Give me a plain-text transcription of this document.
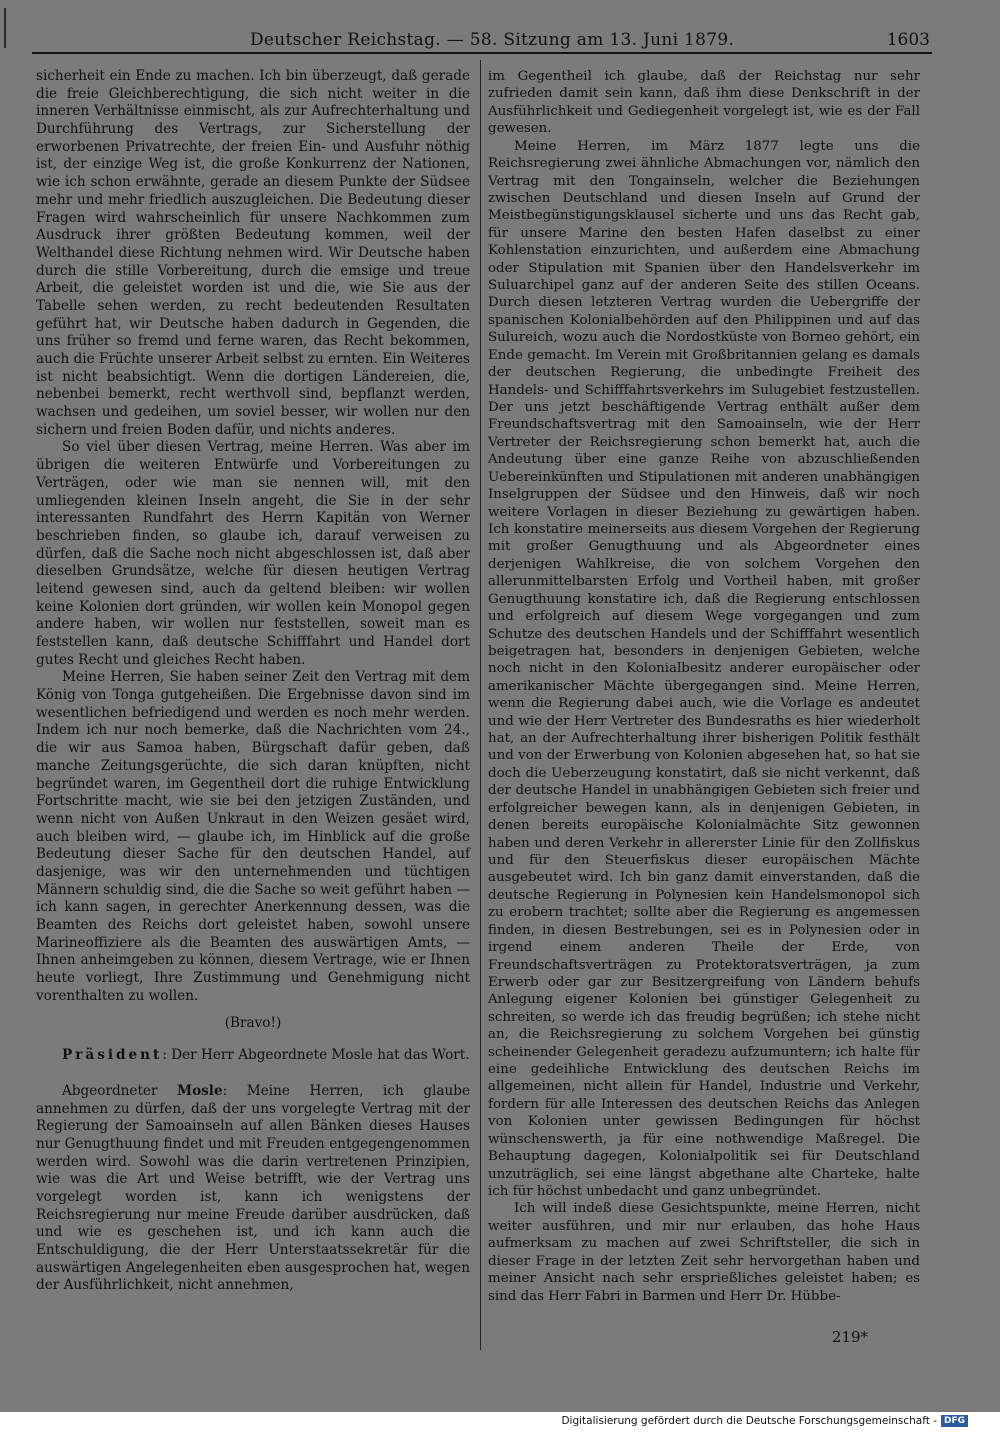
Deutscher Reichstag. — 58. Sitzung am 13. Juni 1879.	1603

sicherheit ein Ende zu machen. Ich bin überzeugt, daß gerade die freie Gleichberechtigung, die sich nicht weiter in die inneren Verhältnisse einmischt, als zur Aufrechterhaltung und Durchführung des Vertrags, zur Sicherstellung der erworbenen Privatrechte, der freien Ein- und Ausfuhr nöthig ist, der einzige Weg ist, die große Konkurrenz der Nationen, wie ich schon erwähnte, gerade an diesem Punkte der Südsee mehr und mehr friedlich auszugleichen. Die Bedeutung dieser Fragen wird wahrscheinlich für unsere Nachkommen zum Ausdruck ihrer größten Bedeutung kommen, weil der Welthandel diese Richtung nehmen wird. Wir Deutsche haben durch die stille Vorbereitung, durch die emsige und treue Arbeit, die geleistet worden ist und die, wie Sie aus der Tabelle sehen werden, zu recht bedeutenden Resultaten geführt hat, wir Deutsche haben dadurch in Gegenden, die uns früher so fremd und ferne waren, das Recht bekommen, auch die Früchte unserer Arbeit selbst zu ernten. Ein Weiteres ist nicht beabsichtigt. Wenn die dortigen Ländereien, die, nebenbei bemerkt, recht werthvoll sind, bepflanzt werden, wachsen und gedeihen, um soviel besser, wir wollen nur den sichern und freien Boden dafür, und nichts anderes.

So viel über diesen Vertrag, meine Herren. Was aber im übrigen die weiteren Entwürfe und Vorbereitungen zu Verträgen, oder wie man sie nennen will, mit den umliegenden kleinen Inseln angeht, die Sie in der sehr interessanten Rundfahrt des Herrn Kapitän von Werner beschrieben finden, so glaube ich, darauf verweisen zu dürfen, daß die Sache noch nicht abgeschlossen ist, daß aber dieselben Grundsätze, welche für diesen heutigen Vertrag leitend gewesen sind, auch da geltend bleiben: wir wollen keine Kolonien dort gründen, wir wollen kein Monopol gegen andere haben, wir wollen nur feststellen, soweit man es feststellen kann, daß deutsche Schifffahrt und Handel dort gutes Recht und gleiches Recht haben.

Meine Herren, Sie haben seiner Zeit den Vertrag mit dem König von Tonga gutgeheißen. Die Ergebnisse davon sind im wesentlichen befriedigend und werden es noch mehr werden. Indem ich nur noch bemerke, daß die Nachrichten vom 24., die wir aus Samoa haben, Bürgschaft dafür geben, daß manche Zeitungsgerüchte, die sich daran knüpften, nicht begründet waren, im Gegentheil dort die ruhige Entwicklung Fortschritte macht, wie sie bei den jetzigen Zuständen, und wenn nicht von Außen Unkraut in den Weizen gesäet wird, auch bleiben wird, — glaube ich, im Hinblick auf die große Bedeutung dieser Sache für den deutschen Handel, auf dasjenige, was wir den unternehmenden und tüchtigen Männern schuldig sind, die die Sache so weit geführt haben — ich kann sagen, in gerechter Anerkennung dessen, was die Beamten des Reichs dort geleistet haben, sowohl unsere Marineoffiziere als die Beamten des auswärtigen Amts, — Ihnen anheimgeben zu können, diesem Vertrage, wie er Ihnen heute vorliegt, Ihre Zustimmung und Genehmigung nicht vorenthalten zu wollen.

(Bravo!)

Präsident: Der Herr Abgeordnete Mosle hat das Wort.

Abgeordneter Mosle: Meine Herren, ich glaube annehmen zu dürfen, daß der uns vorgelegte Vertrag mit der Regierung der Samoainseln auf allen Bänken dieses Hauses nur Genugthuung findet und mit Freuden entgegengenommen werden wird. Sowohl was die darin vertretenen Prinzipien, wie was die Art und Weise betrifft, wie der Vertrag uns vorgelegt worden ist, kann ich wenigstens der Reichsregierung nur meine Freude darüber ausdrücken, daß und wie es geschehen ist, und ich kann auch die Entschuldigung, die der Herr Unterstaatssekretär für die auswärtigen Angelegenheiten eben ausgesprochen hat, wegen der Ausführlichkeit, nicht annehmen,

im Gegentheil ich glaube, daß der Reichstag nur sehr zufrieden damit sein kann, daß ihm diese Denkschrift in der Ausführlichkeit und Gediegenheit vorgelegt ist, wie es der Fall gewesen.

Meine Herren, im März 1877 legte uns die Reichsregierung zwei ähnliche Abmachungen vor, nämlich den Vertrag mit den Tongainseln, welcher die Beziehungen zwischen Deutschland und diesen Inseln auf Grund der Meistbegünstigungsklausel sicherte und uns das Recht gab, für unsere Marine den besten Hafen daselbst zu einer Kohlenstation einzurichten, und außerdem eine Abmachung oder Stipulation mit Spanien über den Handelsverkehr im Suluarchipel ganz auf der anderen Seite des stillen Oceans. Durch diesen letzteren Vertrag wurden die Uebergriffe der spanischen Kolonialbehörden auf den Philippinen und auf das Sulureich, wozu auch die Nordostküste von Borneo gehört, ein Ende gemacht. Im Verein mit Großbritannien gelang es damals der deutschen Regierung, die unbedingte Freiheit des Handels- und Schifffahrtsverkehrs im Sulugebiet festzustellen. Der uns jetzt beschäftigende Vertrag enthält außer dem Freundschaftsvertrag mit den Samoainseln, wie der Herr Vertreter der Reichsregierung schon bemerkt hat, auch die Andeutung über eine ganze Reihe von abzuschließenden Uebereinkünften und Stipulationen mit anderen unabhängigen Inselgruppen der Südsee und den Hinweis, daß wir noch weitere Vorlagen in dieser Beziehung zu gewärtigen haben. Ich konstatire meinerseits aus diesem Vorgehen der Regierung mit großer Genugthuung und als Abgeordneter eines derjenigen Wahlkreise, die von solchem Vorgehen den allerunmittelbarsten Erfolg und Vortheil haben, mit großer Genugthuung konstatire ich, daß die Regierung entschlossen und erfolgreich auf diesem Wege vorgegangen und zum Schutze des deutschen Handels und der Schifffahrt wesentlich beigetragen hat, besonders in denjenigen Gebieten, welche noch nicht in den Kolonialbesitz anderer europäischer oder amerikanischer Mächte übergegangen sind. Meine Herren, wenn die Regierung dabei auch, wie die Vorlage es andeutet und wie der Herr Vertreter des Bundesraths es hier wiederholt hat, an der Aufrechterhaltung ihrer bisherigen Politik festhält und von der Erwerbung von Kolonien abgesehen hat, so hat sie doch die Ueberzeugung konstatirt, daß sie nicht verkennt, daß der deutsche Handel in unabhängigen Gebieten sich freier und erfolgreicher bewegen kann, als in denjenigen Gebieten, in denen bereits europäische Kolonialmächte Sitz gewonnen haben und deren Verkehr in allererster Linie für den Zollfiskus und für den Steuerfiskus dieser europäischen Mächte ausgebeutet wird. Ich bin ganz damit einverstanden, daß die deutsche Regierung in Polynesien kein Handelsmonopol sich zu erobern trachtet; sollte aber die Regierung es angemessen finden, in diesen Bestrebungen, sei es in Polynesien oder in irgend einem anderen Theile der Erde, von Freundschaftsverträgen zu Protektoratsverträgen, ja zum Erwerb oder gar zur Besitzergreifung von Ländern behufs Anlegung eigener Kolonien bei günstiger Gelegenheit zu schreiten, so werde ich das freudig begrüßen; ich stehe nicht an, die Reichsregierung zu solchem Vorgehen bei günstig scheinender Gelegenheit geradezu aufzumuntern; ich halte für eine gedeihliche Entwicklung des deutschen Reichs im allgemeinen, nicht allein für Handel, Industrie und Verkehr, fordern für alle Interessen des deutschen Reichs das Anlegen von Kolonien unter gewissen Bedingungen für höchst wünschenswerth, ja für eine nothwendige Maßregel. Die Behauptung dagegen, Kolonialpolitik sei für Deutschland unzuträglich, sei eine längst abgethane alte Charteke, halte ich für höchst unbedacht und ganz unbegründet.

Ich will indeß diese Gesichtspunkte, meine Herren, nicht weiter ausführen, und mir nur erlauben, das hohe Haus aufmerksam zu machen auf zwei Schriftsteller, die sich in dieser Frage in der letzten Zeit sehr hervorgethan haben und meiner Ansicht nach sehr ersprießliches geleistet haben; es sind das Herr Fabri in Barmen und Herr Dr. Hübbe-

219*
Digitalisierung gefördert durch die Deutsche Forschungsgemeinschaft - DFG
